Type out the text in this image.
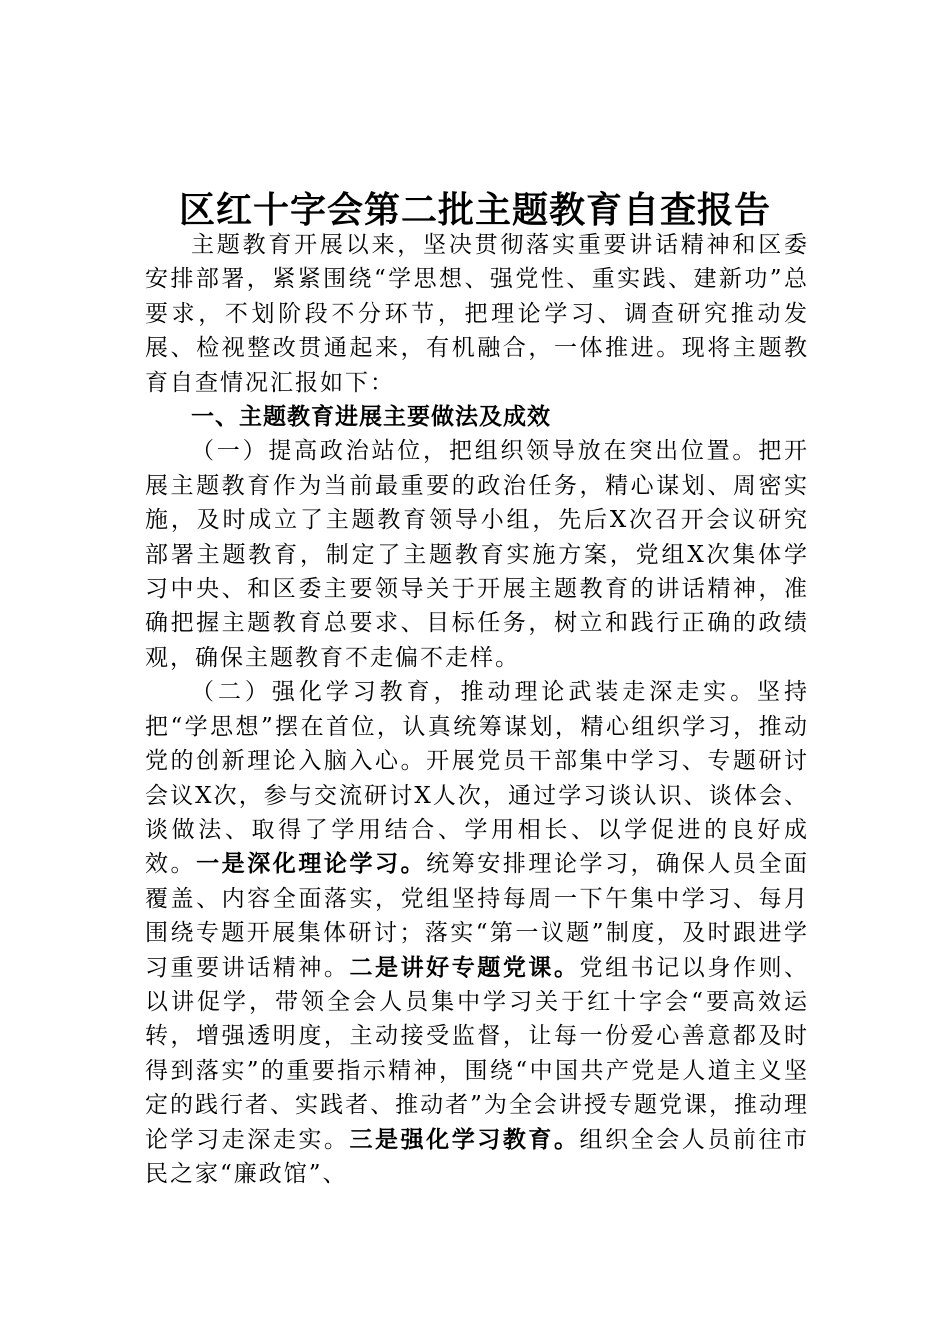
区红十字会第二批主题教育自查报告

主题教育开展以来，坚决贯彻落实重要讲话精神和区委安排部署，紧紧围绕“学思想、强党性、重实践、建新功”总要求，不划阶段不分环节，把理论学习、调查研究推动发展、检视整改贯通起来，有机融合，一体推进。现将主题教育自查情况汇报如下：

一、主题教育进展主要做法及成效

（一）提高政治站位，把组织领导放在突出位置。把开展主题教育作为当前最重要的政治任务，精心谋划、周密实施，及时成立了主题教育领导小组，先后X次召开会议研究部署主题教育，制定了主题教育实施方案，党组X次集体学习中央、和区委主要领导关于开展主题教育的讲话精神，准确把握主题教育总要求、目标任务，树立和践行正确的政绩观，确保主题教育不走偏不走样。

（二）强化学习教育，推动理论武装走深走实。坚持把“学思想”摆在首位，认真统筹谋划，精心组织学习，推动党的创新理论入脑入心。开展党员干部集中学习、专题研讨会议X次，参与交流研讨X人次，通过学习谈认识、谈体会、谈做法、取得了学用结合、学用相长、以学促进的良好成效。一是深化理论学习。统筹安排理论学习，确保人员全面覆盖、内容全面落实，党组坚持每周一下午集中学习、每月围绕专题开展集体研讨；落实“第一议题”制度，及时跟进学习重要讲话精神。二是讲好专题党课。党组书记以身作则、以讲促学，带领全会人员集中学习关于红十字会“要高效运转，增强透明度，主动接受监督，让每一份爱心善意都及时得到落实”的重要指示精神，围绕“中国共产党是人道主义坚定的践行者、实践者、推动者”为全会讲授专题党课，推动理论学习走深走实。三是强化学习教育。组织全会人员前往市民之家“廉政馆”、
